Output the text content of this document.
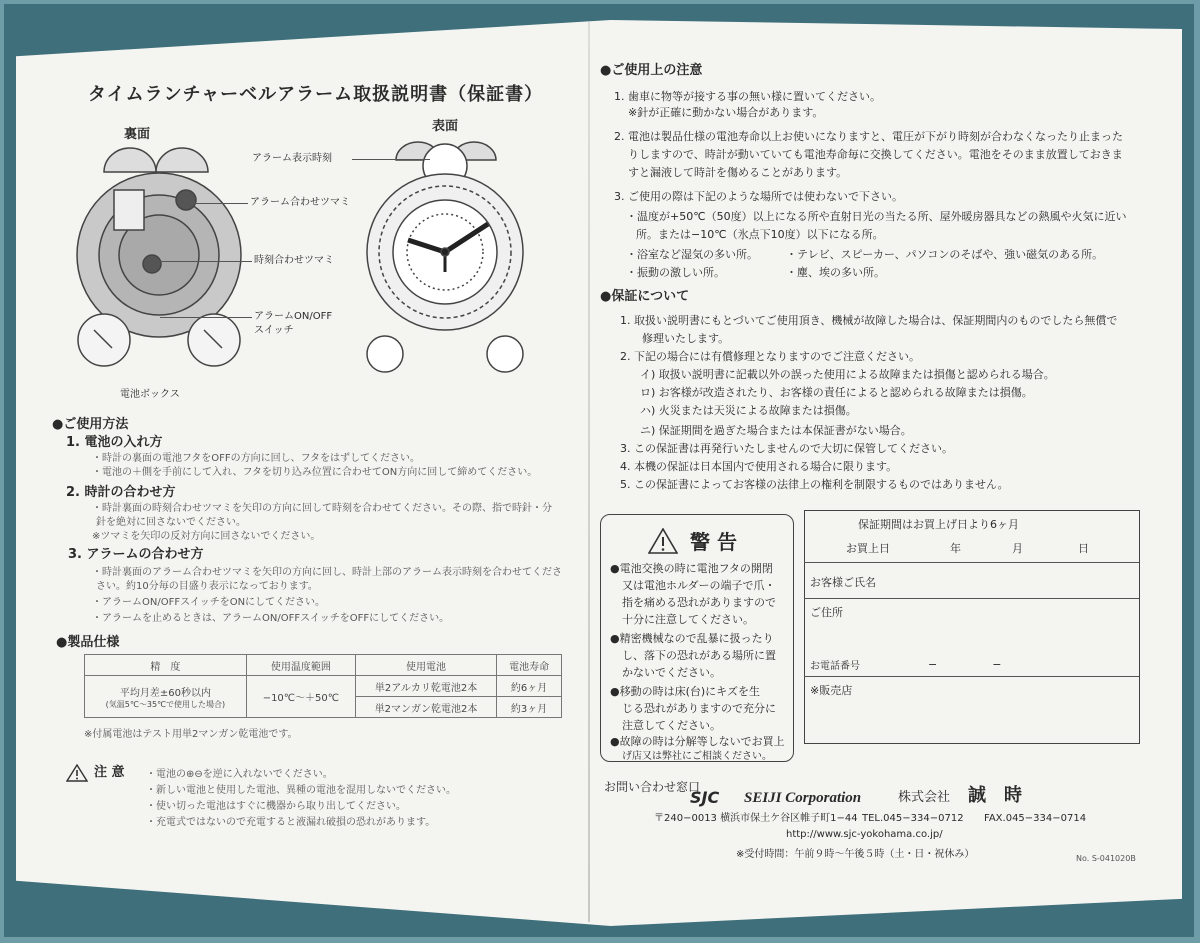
タイムランチャーベルアラーム取扱説明書（保証書）
裏面
アラーム合わせツマミ
時刻合わせツマミ
アラームON/OFF
スイッチ
電池ボックス
表面
アラーム表示時刻
●ご使用方法
1. 電池の入れ方
・時計の裏面の電池フタをOFFの方向に回し、フタをはずしてください。
・電池の＋側を手前にして入れ、フタを切り込み位置に合わせてON方向に回して締めてください。
2. 時計の合わせ方
・時計裏面の時刻合わせツマミを矢印の方向に回して時刻を合わせてください。その際、指で時針・分
針を絶対に回さないでください。
※ツマミを矢印の反対方向に回さないでください。
3. アラームの合わせ方
・時計裏面のアラーム合わせツマミを矢印の方向に回し、時計上部のアラーム表示時刻を合わせてくださ
さい。約10分毎の目盛り表示になっております。
・アラームON/OFFスイッチをONにしてください。
・アラームを止めるときは、アラームON/OFFスイッチをOFFにしてください。
●製品仕様
精　度	使用温度範囲	使用電池	電池寿命

平均月差±60秒以内
(気温5℃〜35℃で使用した場合)	−10℃〜＋50℃	単2アルカリ乾電池2本	約6ヶ月
		単2マンガン乾電池2本	約3ヶ月
※付属電池はテスト用単2マンガン乾電池です。
注 意 ・電池の⊕⊖を逆に入れないでください。
・新しい電池と使用した電池、異種の電池を混用しないでください。
・使い切った電池はすぐに機器から取り出してください。
・充電式ではないので充電すると液漏れ破損の恐れがあります。
●ご使用上の注意
1. 歯車に物等が接する事の無い様に置いてください。
※針が正確に動かない場合があります。
2. 電池は製品仕様の電池寿命以上お使いになりますと、電圧が下がり時刻が合わなくなったり止まった
りしますので、時計が動いていても電池寿命毎に交換してください。電池をそのまま放置しておきま
すと漏液して時計を傷めることがあります。
3. ご使用の際は下記のような場所では使わないで下さい。
・温度が+50℃（50度）以上になる所や直射日光の当たる所、屋外暖房器具などの熱風や火気に近い
所。または−10℃（氷点下10度）以下になる所。
・浴室など湿気の多い所。	・テレビ、スピーカー、パソコンのそばや、強い磁気のある所。
・振動の激しい所。	・塵、埃の多い所。
●保証について
1. 取扱い説明書にもとづいてご使用頂き、機械が故障した場合は、保証期間内のものでしたら無償で
修理いたします。
2. 下記の場合には有償修理となりますのでご注意ください。
イ) 取扱い説明書に記載以外の誤った使用による故障または損傷と認められる場合。
ロ) お客様が改造されたり、お客様の責任によると認められる故障または損傷。
ハ) 火災または天災による故障または損傷。
ニ) 保証期間を過ぎた場合または本保証書がない場合。
3. この保証書は再発行いたしませんので大切に保管してください。
4. 本機の保証は日本国内で使用される場合に限ります。
5. この保証書によってお客様の法律上の権利を制限するものではありません。
警 告
●電池交換の時に電池フタの開閉
又は電池ホルダーの端子で爪・
指を痛める恐れがありますので
十分に注意してください。
●精密機械なので乱暴に扱ったり
し、落下の恐れがある場所に置
かないでください。
●移動の時は床(台)にキズを生
じる恐れがありますので充分に
注意してください。
●故障の時は分解等しないでお買上
げ店又は弊社にご相談ください。
保証期間はお買上げ日より6ヶ月
お買上日	年	月	日
お客様ご氏名
ご住所
お電話番号	−　　　　　−
※販売店
お問い合わせ窓口
SJC SEIJI Corporation	株式会社 誠　時
〒240−0013 横浜市保土ケ谷区帷子町1−44 TEL.045−334−0712 FAX.045−334−0714
http://www.sjc-yokohama.co.jp/
※受付時間：午前９時〜午後５時（土・日・祝休み）	No. S-041020B
